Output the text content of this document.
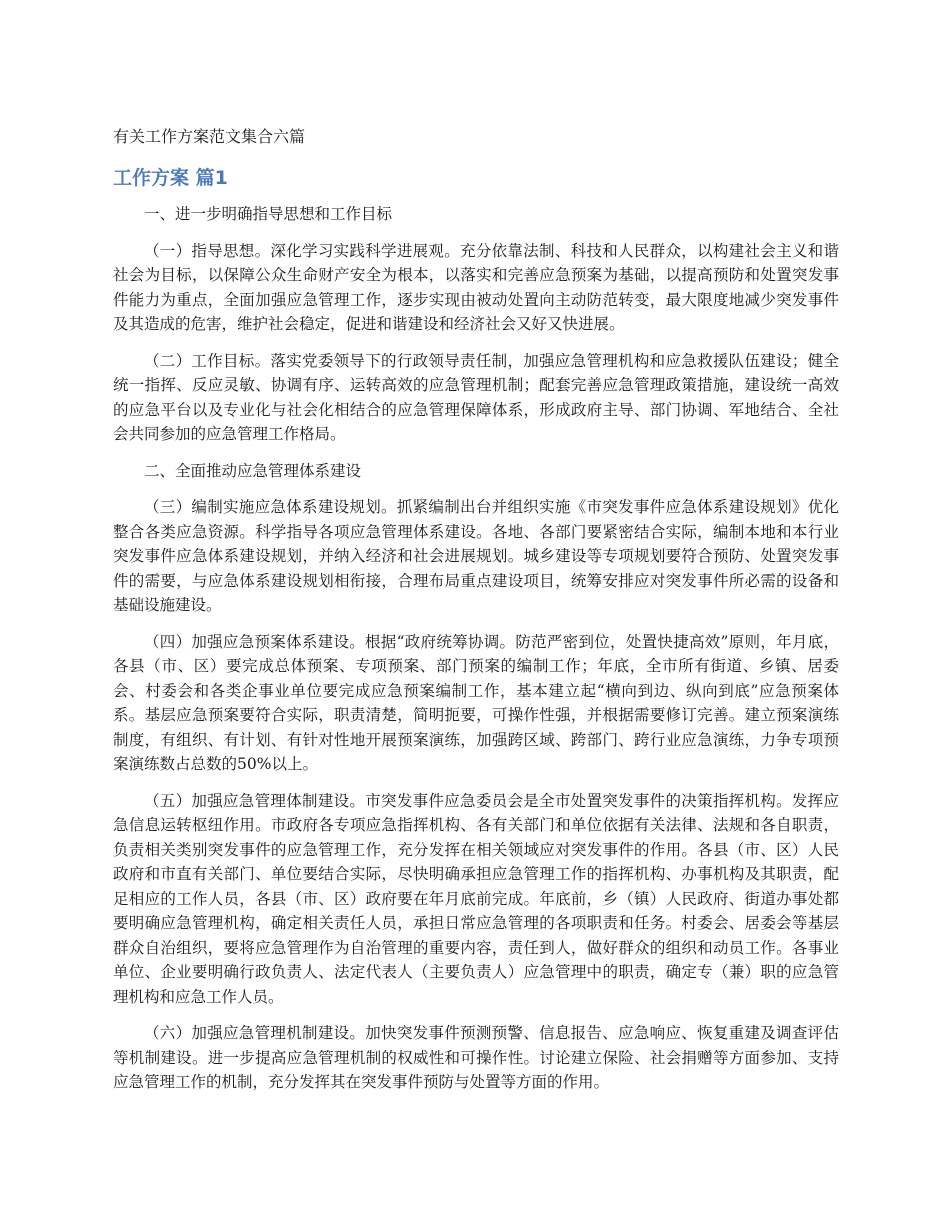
有关工作方案范文集合六篇

工作方案 篇1

一、进一步明确指导思想和工作目标

（一）指导思想。深化学习实践科学进展观。充分依靠法制、科技和人民群众，以构建社会主义和谐社会为目标，以保障公众生命财产安全为根本，以落实和完善应急预案为基础，以提高预防和处置突发事件能力为重点，全面加强应急管理工作，逐步实现由被动处置向主动防范转变，最大限度地减少突发事件及其造成的危害，维护社会稳定，促进和谐建设和经济社会又好又快进展。

（二）工作目标。落实党委领导下的行政领导责任制，加强应急管理机构和应急救援队伍建设；健全统一指挥、反应灵敏、协调有序、运转高效的应急管理机制；配套完善应急管理政策措施，建设统一高效的应急平台以及专业化与社会化相结合的应急管理保障体系，形成政府主导、部门协调、军地结合、全社会共同参加的应急管理工作格局。

二、全面推动应急管理体系建设

（三）编制实施应急体系建设规划。抓紧编制出台并组织实施《市突发事件应急体系建设规划》优化整合各类应急资源。科学指导各项应急管理体系建设。各地、各部门要紧密结合实际，编制本地和本行业突发事件应急体系建设规划，并纳入经济和社会进展规划。城乡建设等专项规划要符合预防、处置突发事件的需要，与应急体系建设规划相衔接，合理布局重点建设项目，统筹安排应对突发事件所必需的设备和基础设施建设。

（四）加强应急预案体系建设。根据“政府统筹协调。防范严密到位，处置快捷高效”原则，年月底，各县（市、区）要完成总体预案、专项预案、部门预案的编制工作；年底，全市所有街道、乡镇、居委会、村委会和各类企事业单位要完成应急预案编制工作，基本建立起“横向到边、纵向到底”应急预案体系。基层应急预案要符合实际，职责清楚，简明扼要，可操作性强，并根据需要修订完善。建立预案演练制度，有组织、有计划、有针对性地开展预案演练，加强跨区域、跨部门、跨行业应急演练，力争专项预案演练数占总数的50%以上。

（五）加强应急管理体制建设。市突发事件应急委员会是全市处置突发事件的决策指挥机构。发挥应急信息运转枢纽作用。市政府各专项应急指挥机构、各有关部门和单位依据有关法律、法规和各自职责，负责相关类别突发事件的应急管理工作，充分发挥在相关领域应对突发事件的作用。各县（市、区）人民政府和市直有关部门、单位要结合实际，尽快明确承担应急管理工作的指挥机构、办事机构及其职责，配足相应的工作人员，各县（市、区）政府要在年月底前完成。年底前，乡（镇）人民政府、街道办事处都要明确应急管理机构，确定相关责任人员，承担日常应急管理的各项职责和任务。村委会、居委会等基层群众自治组织，要将应急管理作为自治管理的重要内容，责任到人，做好群众的组织和动员工作。各事业单位、企业要明确行政负责人、法定代表人（主要负责人）应急管理中的职责，确定专（兼）职的应急管理机构和应急工作人员。

（六）加强应急管理机制建设。加快突发事件预测预警、信息报告、应急响应、恢复重建及调查评估等机制建设。进一步提高应急管理机制的权威性和可操作性。讨论建立保险、社会捐赠等方面参加、支持应急管理工作的机制，充分发挥其在突发事件预防与处置等方面的作用。
